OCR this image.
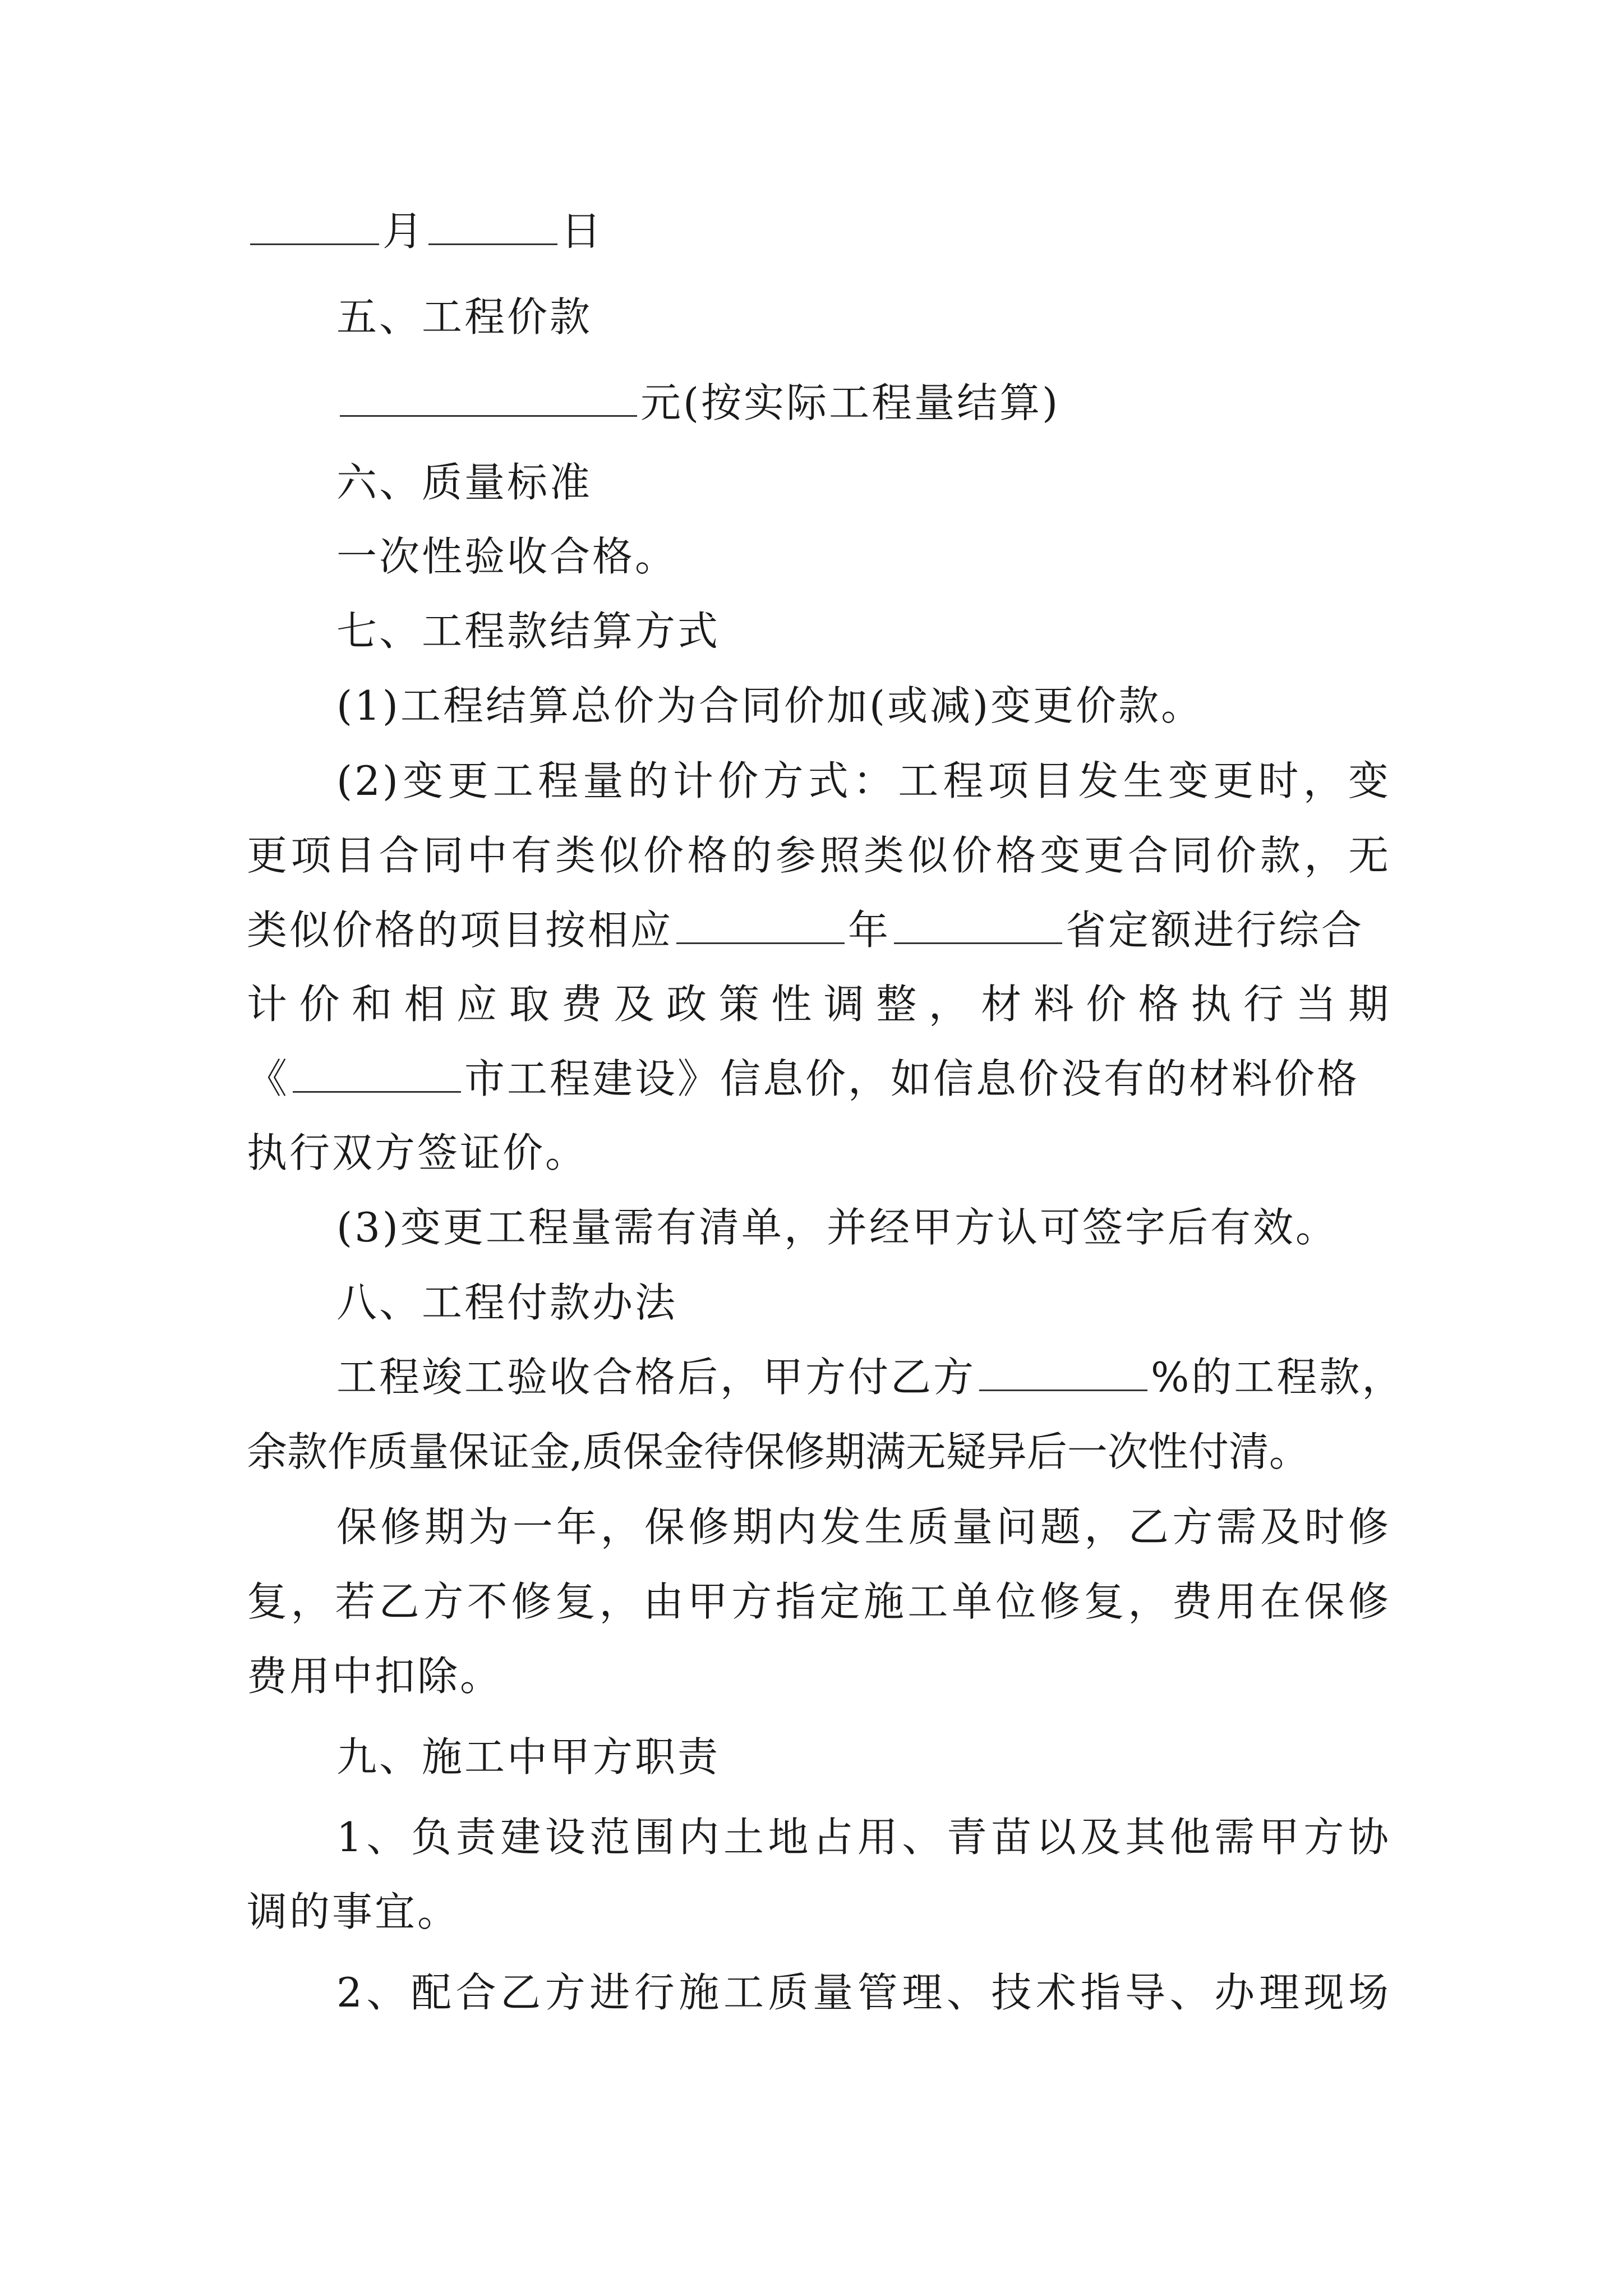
月	日
五、工程价款
元(按实际工程量结算)
六、质量标准
一次性验收合格。
七、工程款结算方式
(1)工程结算总价为合同价加(或减)变更价款。
(2)变更工程量的计价方式：工程项目发生变更时，变
更项目合同中有类似价格的参照类似价格变更合同价款，无
类似价格的项目按相应	年	省定额进行综合
计价和相应取费及政策性调整，材料价格执行当期
《	市工程建设》信息价，如信息价没有的材料价格
执行双方签证价。
(3)变更工程量需有清单，并经甲方认可签字后有效。
八、工程付款办法
工程竣工验收合格后，甲方付乙方	%的工程款，
余款作质量保证金,质保金待保修期满无疑异后一次性付清。
保修期为一年，保修期内发生质量问题，乙方需及时修
复，若乙方不修复，由甲方指定施工单位修复，费用在保修
费用中扣除。
九、施工中甲方职责
1、负责建设范围内土地占用、青苗以及其他需甲方协
调的事宜。
2、配合乙方进行施工质量管理、技术指导、办理现场
